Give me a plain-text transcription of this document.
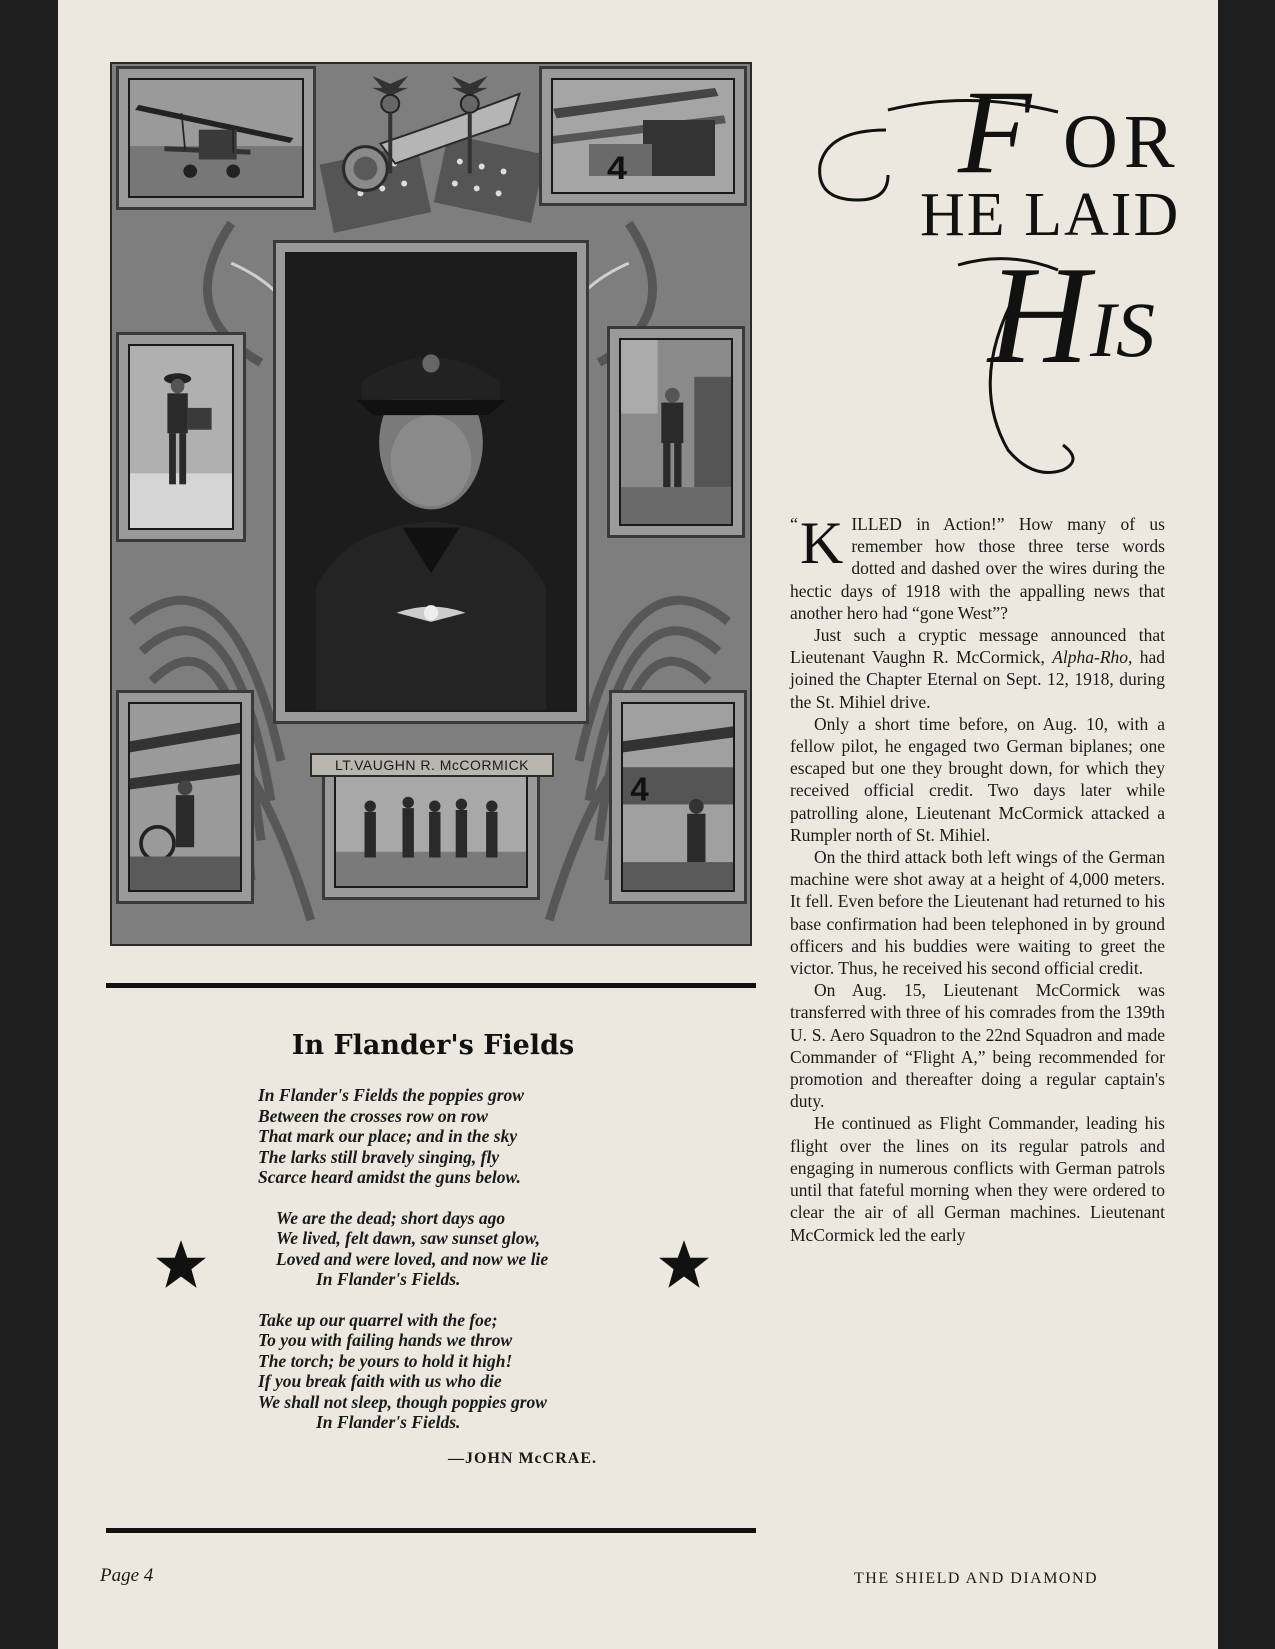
4
4
LT.VAUGHN R. McCORMICK
In Flander's Fields
In Flander's Fields the poppies grow
Between the crosses row on row
That mark our place; and in the sky
The larks still bravely singing, fly
Scarce heard amidst the guns below.
We are the dead; short days ago
We lived, felt dawn, saw sunset glow,
Loved and were loved, and now we lie
In Flander's Fields.
Take up our quarrel with the foe;
To you with failing hands we throw
The torch; be yours to hold it high!
If you break faith with us who die
We shall not sleep, though poppies grow
In Flander's Fields.
—JOHN McCRAE.
F OR
HE LAID
H IS

“ K ILLED in Action!” How many of us remember how those three terse words dotted and dashed over the wires during the hectic days of 1918 with the appalling news that another hero had “gone West”?

Just such a cryptic message announced that Lieutenant Vaughn R. McCormick, Alpha-Rho, had joined the Chapter Eternal on Sept. 12, 1918, during the St. Mihiel drive.

Only a short time before, on Aug. 10, with a fellow pilot, he engaged two German biplanes; one escaped but one they brought down, for which they received official credit. Two days later while patrolling alone, Lieutenant McCormick attacked a Rumpler north of St. Mihiel.

On the third attack both left wings of the German machine were shot away at a height of 4,000 meters. It fell. Even before the Lieutenant had returned to his base confirmation had been telephoned in by ground officers and his buddies were waiting to greet the victor. Thus, he received his second official credit.

On Aug. 15, Lieutenant McCormick was transferred with three of his comrades from the 139th U. S. Aero Squadron to the 22nd Squadron and made Commander of “Flight A,” being recommended for promotion and thereafter doing a regular captain's duty.

He continued as Flight Commander, leading his flight over the lines on its regular patrols and engaging in numerous conflicts with German patrols until that fateful morning when they were ordered to clear the air of all German machines. Lieutenant McCormick led the early

Page 4	THE SHIELD AND DIAMOND
